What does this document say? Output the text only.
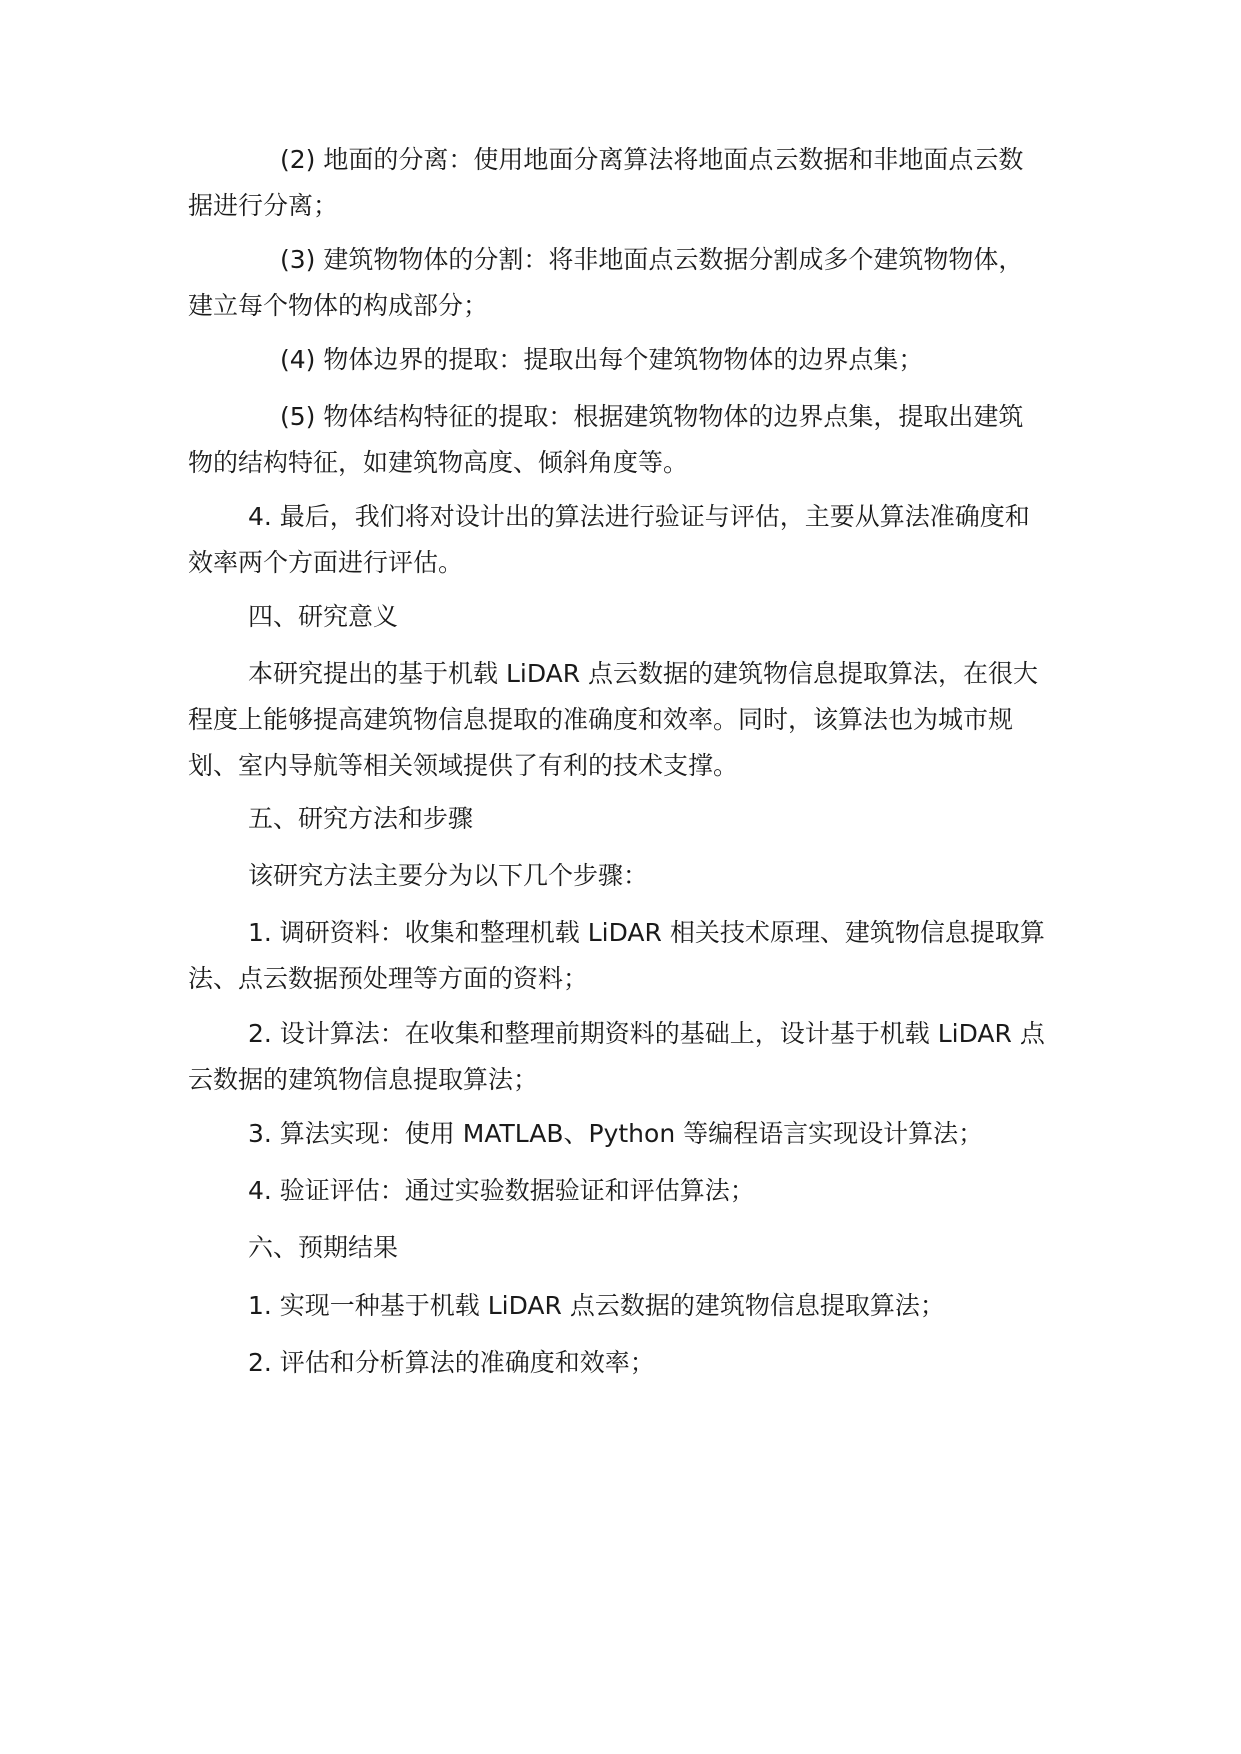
(2) 地面的分离：使用地面分离算法将地面点云数据和非地面点云数据进行分离；

(3) 建筑物物体的分割：将非地面点云数据分割成多个建筑物物体，建立每个物体的构成部分；

(4) 物体边界的提取：提取出每个建筑物物体的边界点集；

(5) 物体结构特征的提取：根据建筑物物体的边界点集，提取出建筑物的结构特征，如建筑物高度、倾斜角度等。

4. 最后，我们将对设计出的算法进行验证与评估，主要从算法准确度和效率两个方面进行评估。

四、研究意义

本研究提出的基于机载 LiDAR 点云数据的建筑物信息提取算法，在很大程度上能够提高建筑物信息提取的准确度和效率。同时，该算法也为城市规划、室内导航等相关领域提供了有利的技术支撑。

五、研究方法和步骤

该研究方法主要分为以下几个步骤：

1. 调研资料：收集和整理机载 LiDAR 相关技术原理、建筑物信息提取算法、点云数据预处理等方面的资料；

2. 设计算法：在收集和整理前期资料的基础上，设计基于机载 LiDAR 点云数据的建筑物信息提取算法；

3. 算法实现：使用 MATLAB、Python 等编程语言实现设计算法；

4. 验证评估：通过实验数据验证和评估算法；

六、预期结果

1. 实现一种基于机载 LiDAR 点云数据的建筑物信息提取算法；

2. 评估和分析算法的准确度和效率；
